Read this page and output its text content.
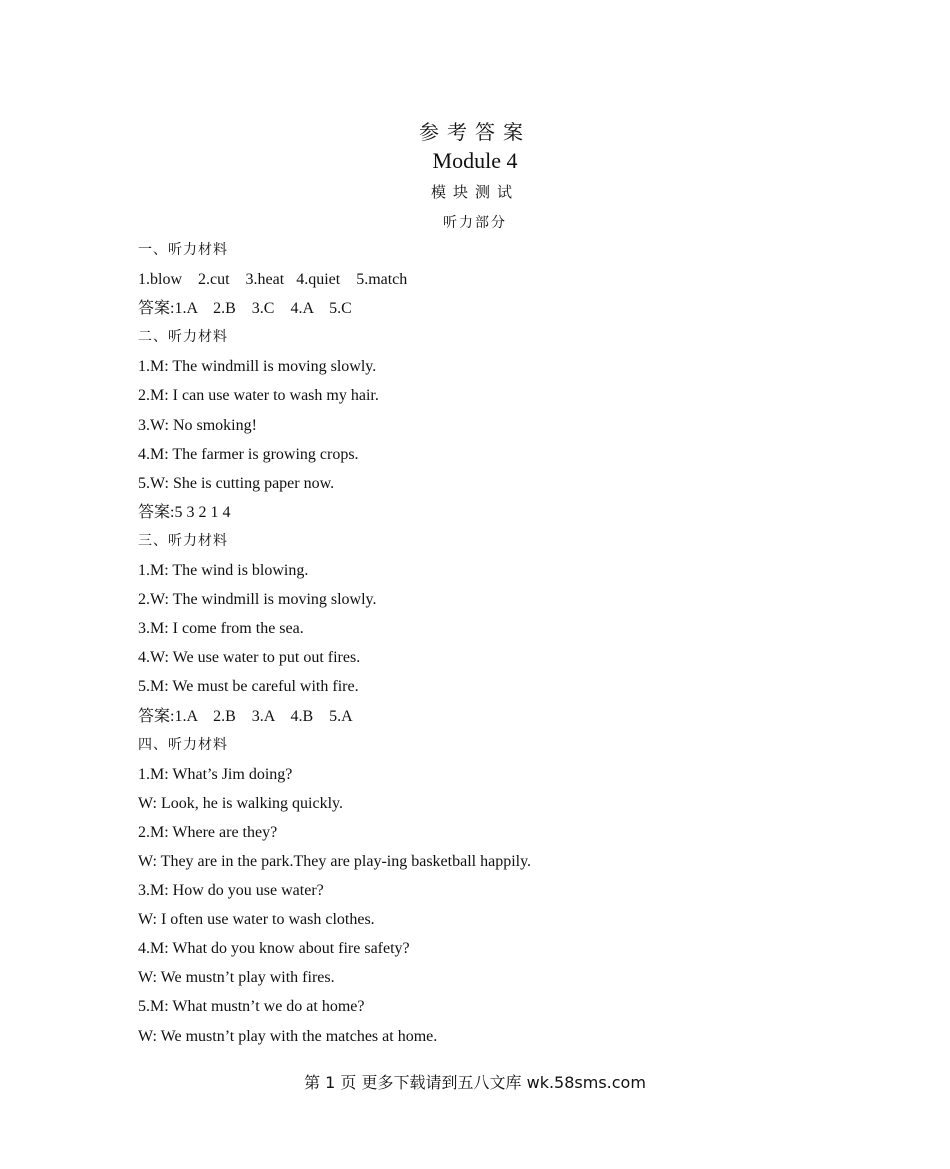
参考答案
Module 4
模块测试
听力部分
一、听力材料
1.blow    2.cut    3.heat   4.quiet    5.match
答案:1.A    2.B    3.C    4.A    5.C
二、听力材料
1.M: The windmill is moving slowly.
2.M: I can use water to wash my hair.
3.W: No smoking!
4.M: The farmer is growing crops.
5.W: She is cutting paper now.
答案:5 3 2 1 4
三、听力材料
1.M: The wind is blowing.
2.W: The windmill is moving slowly.
3.M: I come from the sea.
4.W: We use water to put out fires.
5.M: We must be careful with fire.
答案:1.A    2.B    3.A    4.B    5.A
四、听力材料
1.M: What’s Jim doing?
W: Look, he is walking quickly.
2.M: Where are they?
W: They are in the park.They are play-ing basketball happily.
3.M: How do you use water?
W: I often use water to wash clothes.
4.M: What do you know about fire safety?
W: We mustn’t play with fires.
5.M: What mustn’t we do at home?
W: We mustn’t play with the matches at home.
第 1 页 更多下载请到五八文库 wk.58sms.com
